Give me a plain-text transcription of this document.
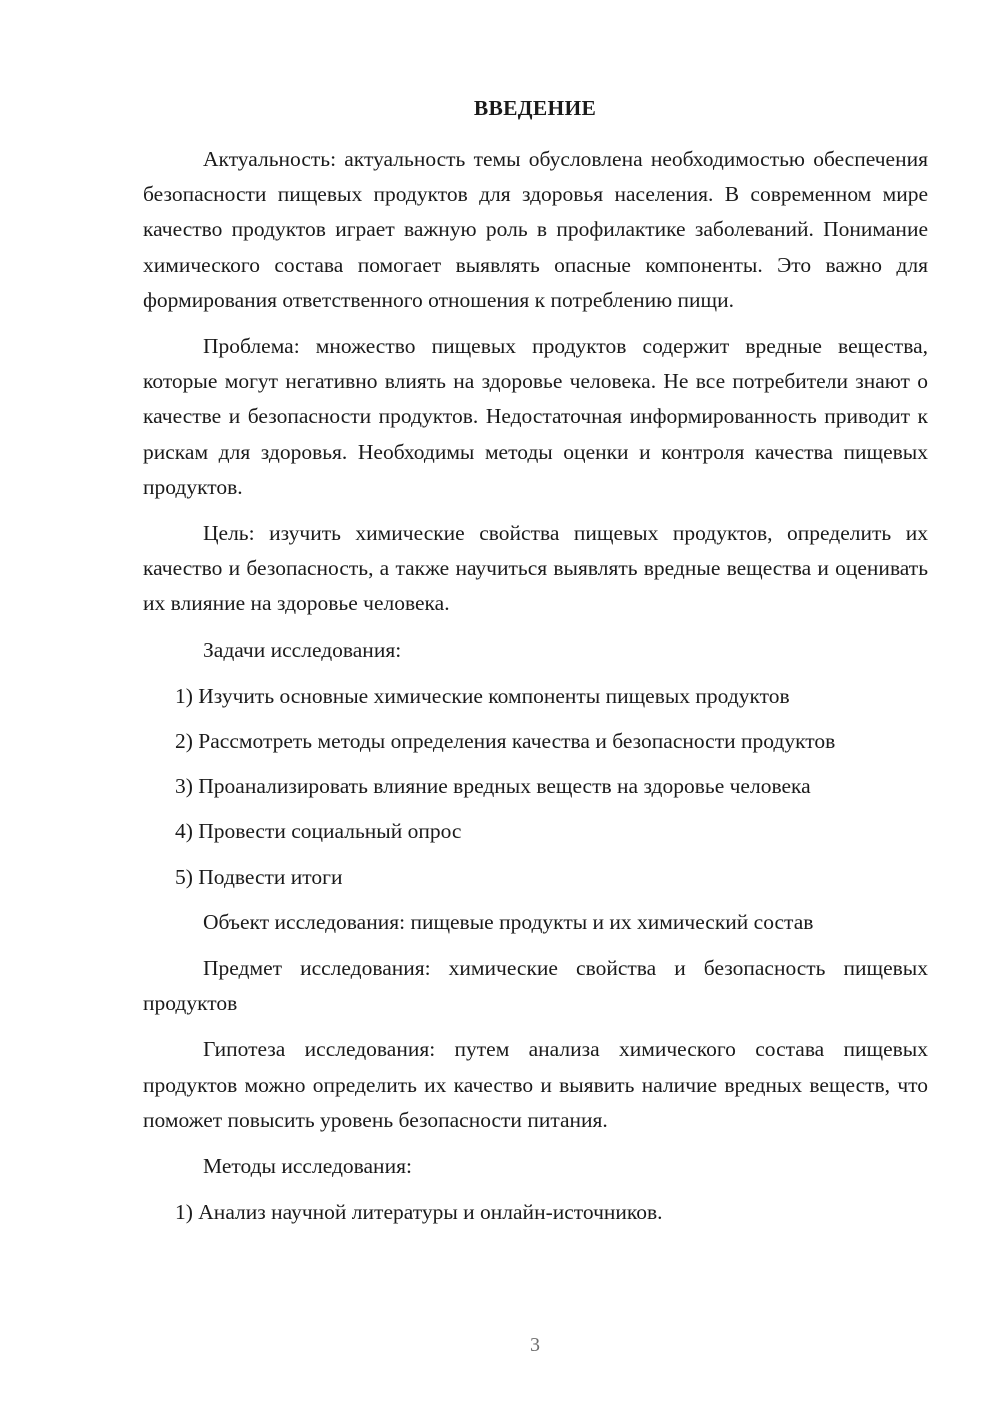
ВВЕДЕНИЕ

Актуальность: актуальность темы обусловлена необходимостью обеспечения безопасности пищевых продуктов для здоровья населения. В современном мире качество продуктов играет важную роль в профилактике заболеваний. Понимание химического состава помогает выявлять опасные компоненты. Это важно для формирования ответственного отношения к потреблению пищи.

Проблема: множество пищевых продуктов содержит вредные вещества, которые могут негативно влиять на здоровье человека. Не все потребители знают о качестве и безопасности продуктов. Недостаточная информированность приводит к рискам для здоровья. Необходимы методы оценки и контроля качества пищевых продуктов.

Цель: изучить химические свойства пищевых продуктов, определить их качество и безопасность, а также научиться выявлять вредные вещества и оценивать их влияние на здоровье человека.

Задачи исследования:

1) Изучить основные химические компоненты пищевых продуктов

2) Рассмотреть методы определения качества и безопасности продуктов

3) Проанализировать влияние вредных веществ на здоровье человека

4) Провести социальный опрос

5) Подвести итоги

Объект исследования: пищевые продукты и их химический состав

Предмет исследования: химические свойства и безопасность пищевых продуктов

Гипотеза исследования: путем анализа химического состава пищевых продуктов можно определить их качество и выявить наличие вредных веществ, что поможет повысить уровень безопасности питания.

Методы исследования:

1) Анализ научной литературы и онлайн-источников.

3
